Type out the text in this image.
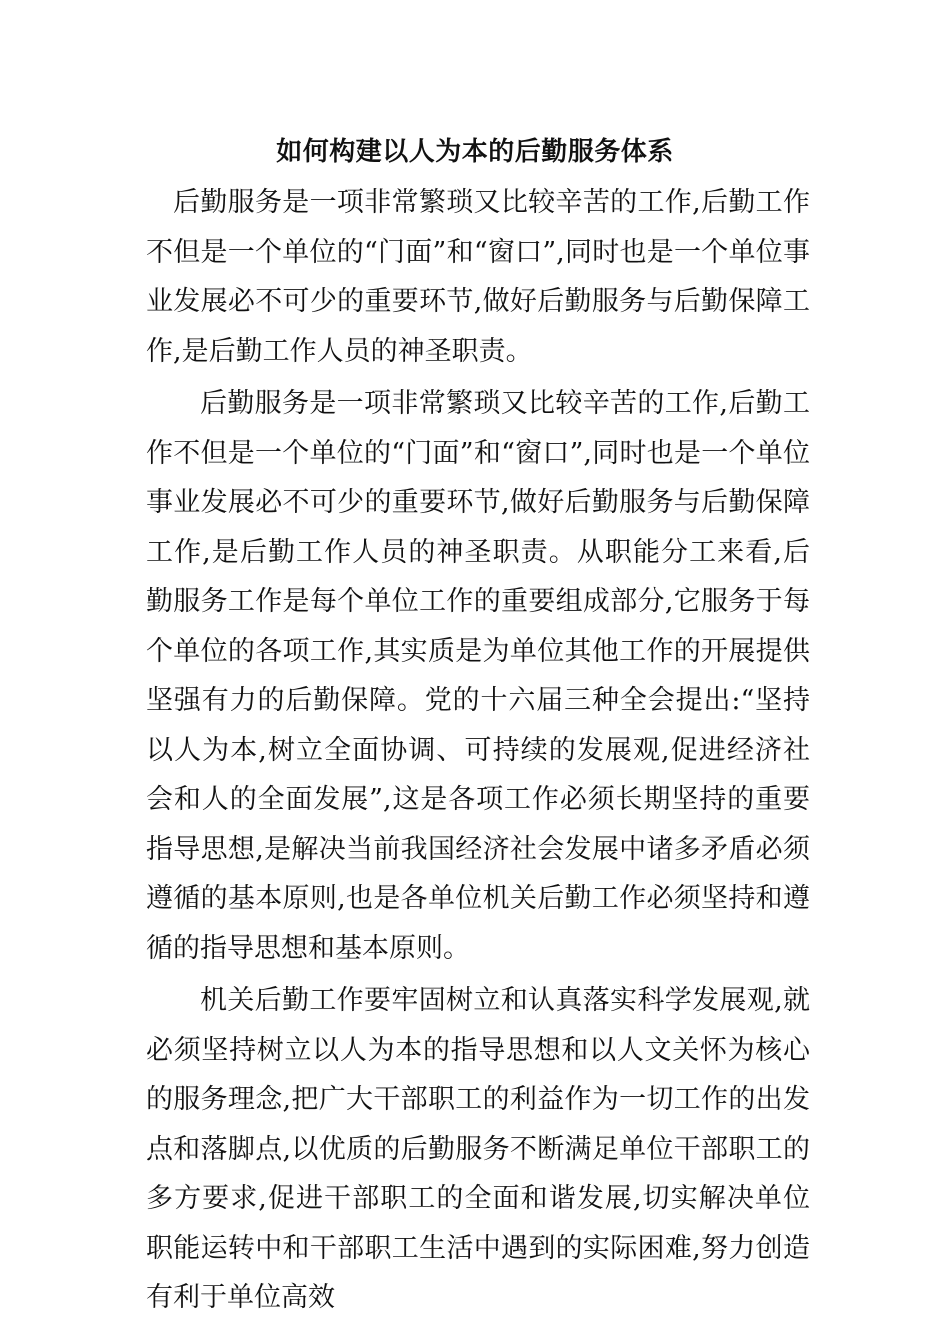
如何构建以人为本的后勤服务体系

后勤服务是一项非常繁琐又比较辛苦的工作,后勤工作不但是一个单位的“门面”和“窗口”,同时也是一个单位事业发展必不可少的重要环节,做好后勤服务与后勤保障工作,是后勤工作人员的神圣职责。

后勤服务是一项非常繁琐又比较辛苦的工作,后勤工作不但是一个单位的“门面”和“窗口”,同时也是一个单位事业发展必不可少的重要环节,做好后勤服务与后勤保障工作,是后勤工作人员的神圣职责。从职能分工来看,后勤服务工作是每个单位工作的重要组成部分,它服务于每个单位的各项工作,其实质是为单位其他工作的开展提供坚强有力的后勤保障。党的十六届三种全会提出:“坚持以人为本,树立全面协调、可持续的发展观,促进经济社会和人的全面发展”,这是各项工作必须长期坚持的重要指导思想,是解决当前我国经济社会发展中诸多矛盾必须遵循的基本原则,也是各单位机关后勤工作必须坚持和遵循的指导思想和基本原则。

机关后勤工作要牢固树立和认真落实科学发展观,就必须坚持树立以人为本的指导思想和以人文关怀为核心的服务理念,把广大干部职工的利益作为一切工作的出发点和落脚点,以优质的后勤服务不断满足单位干部职工的多方要求,促进干部职工的全面和谐发展,切实解决单位职能运转中和干部职工生活中遇到的实际困难,努力创造有利于单位高效
